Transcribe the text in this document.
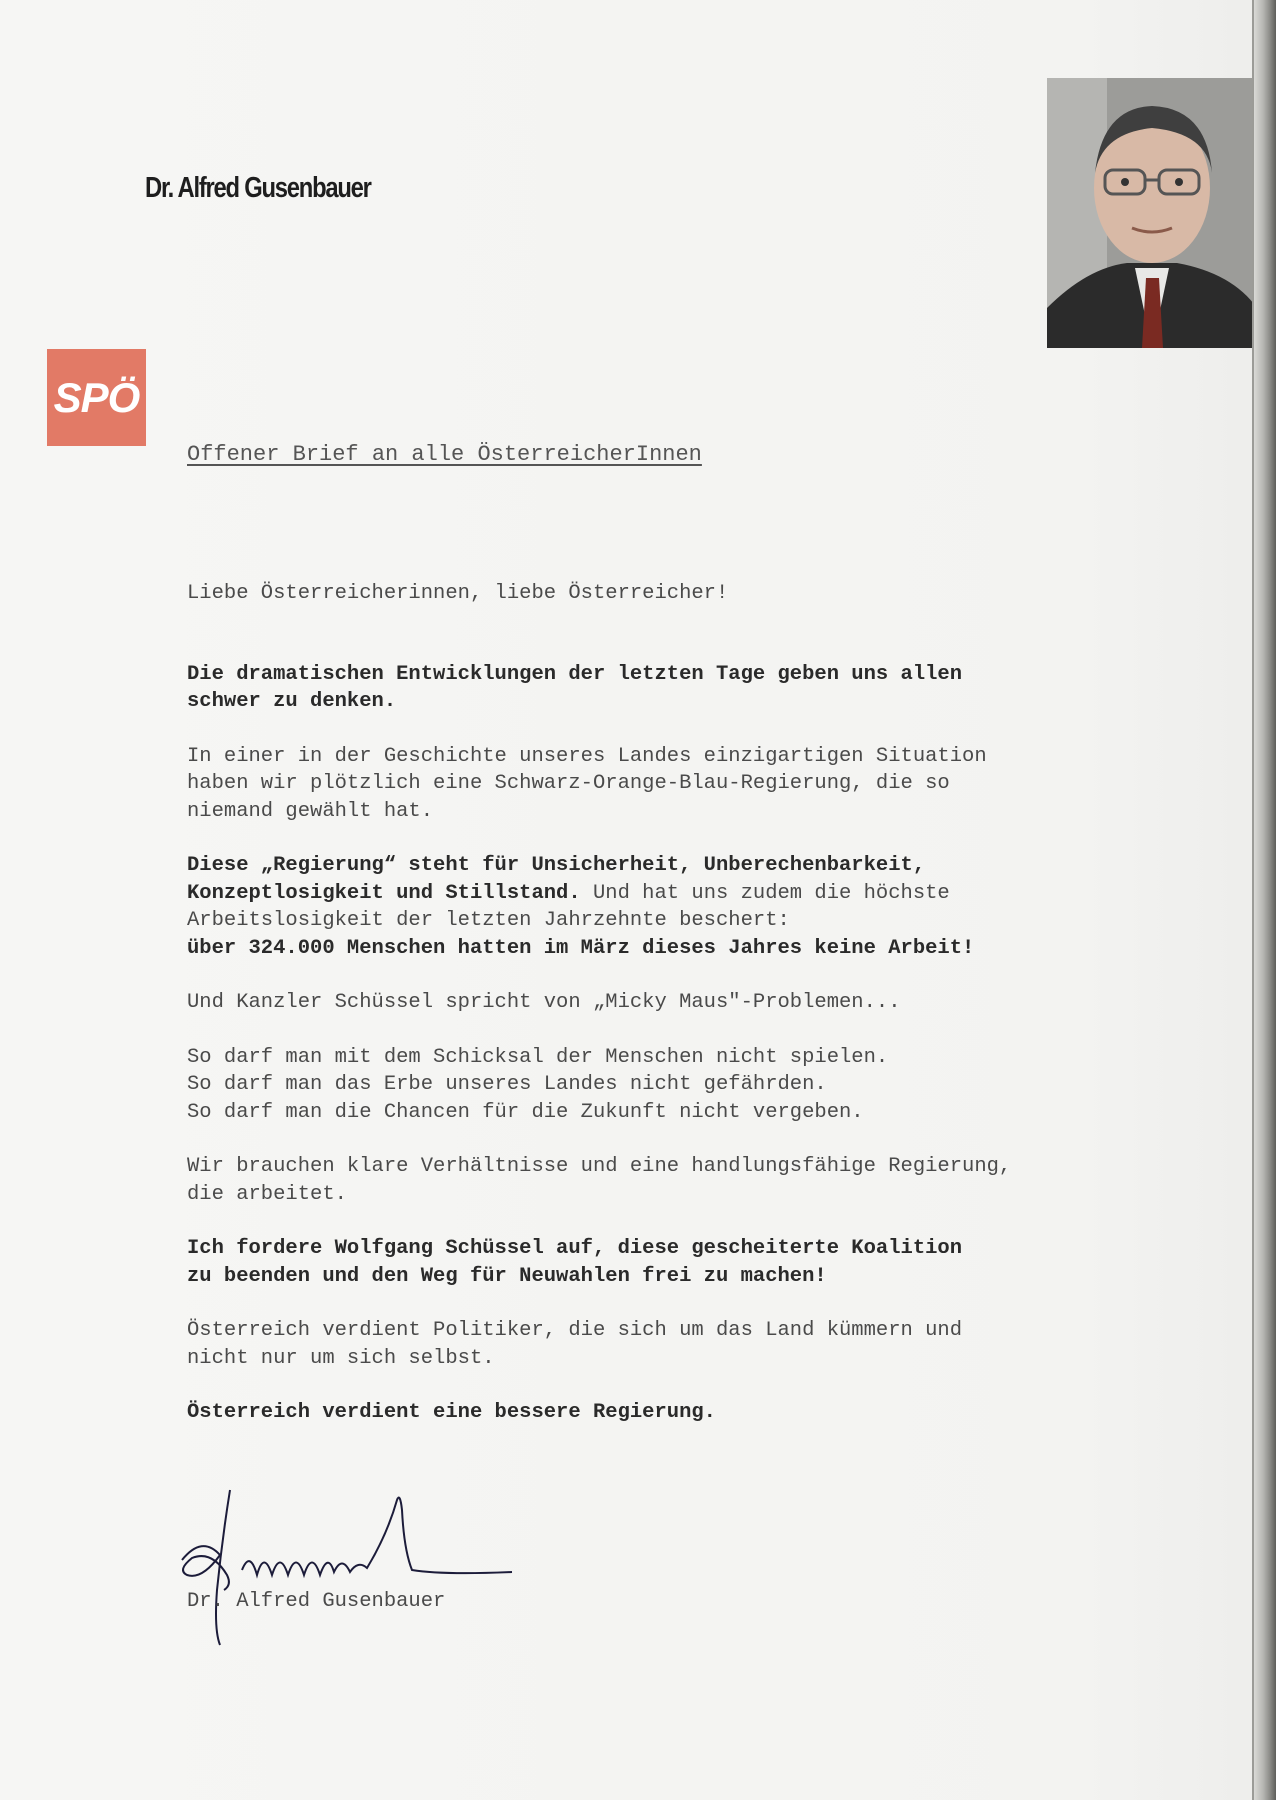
Dr. Alfred Gusenbauer
SPÖ
Offener Brief an alle ÖsterreicherInnen

Liebe Österreicherinnen, liebe Österreicher!

Die dramatischen Entwicklungen der letzten Tage geben uns allen
schwer zu denken.

In einer in der Geschichte unseres Landes einzigartigen Situation
haben wir plötzlich eine Schwarz-Orange-Blau-Regierung, die so
niemand gewählt hat.

Diese „Regierung“ steht für Unsicherheit, Unberechenbarkeit,
Konzeptlosigkeit und Stillstand. Und hat uns zudem die höchste
Arbeitslosigkeit der letzten Jahrzehnte beschert:
über 324.000 Menschen hatten im März dieses Jahres keine Arbeit!

Und Kanzler Schüssel spricht von „Micky Maus"-Problemen...

So darf man mit dem Schicksal der Menschen nicht spielen.
So darf man das Erbe unseres Landes nicht gefährden.
So darf man die Chancen für die Zukunft nicht vergeben.

Wir brauchen klare Verhältnisse und eine handlungsfähige Regierung,
die arbeitet.

Ich fordere Wolfgang Schüssel auf, diese gescheiterte Koalition
zu beenden und den Weg für Neuwahlen frei zu machen!

Österreich verdient Politiker, die sich um das Land kümmern und
nicht nur um sich selbst.

Österreich verdient eine bessere Regierung.

Dr. Alfred Gusenbauer
